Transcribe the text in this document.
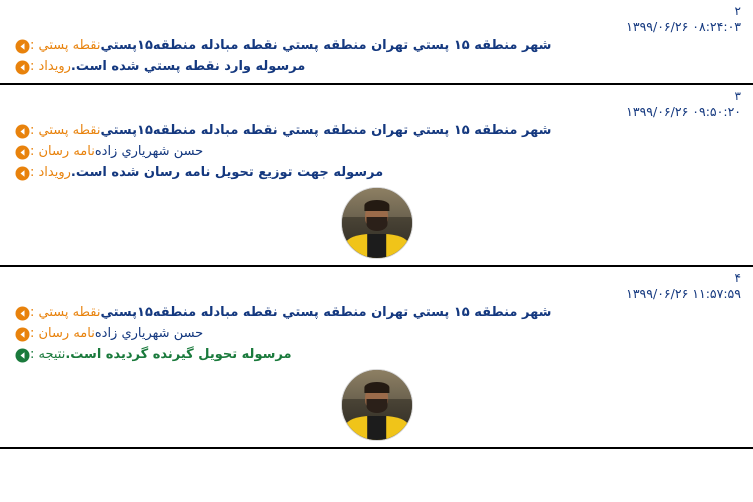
٢
١٣٩٩/٠۶/٢۶ ٠٨:٢۴:٠٣
نقطه پستي : شهر منطقه ۱۵ پستي تهران منطقه پستي نقطه مبادله منطقه۱۵پستي
رويداد : مرسوله وارد نقطه پستي شده است.
٣
١٣٩٩/٠۶/٢۶ ٠٩:۵٠:٢٠
نقطه پستي : شهر منطقه ۱۵ پستي تهران منطقه پستي نقطه مبادله منطقه۱۵پستي
نامه رسان : حسن شهرياري زاده
رويداد : مرسوله جهت توزيع تحويل نامه رسان شده است.
۴
١٣٩٩/٠۶/٢۶ ١١:۵٧:۵٩
نقطه پستي : شهر منطقه ۱۵ پستي تهران منطقه پستي نقطه مبادله منطقه۱۵پستي
نامه رسان : حسن شهرياري زاده
نتيجه : مرسوله تحويل گيرنده گرديده است.
